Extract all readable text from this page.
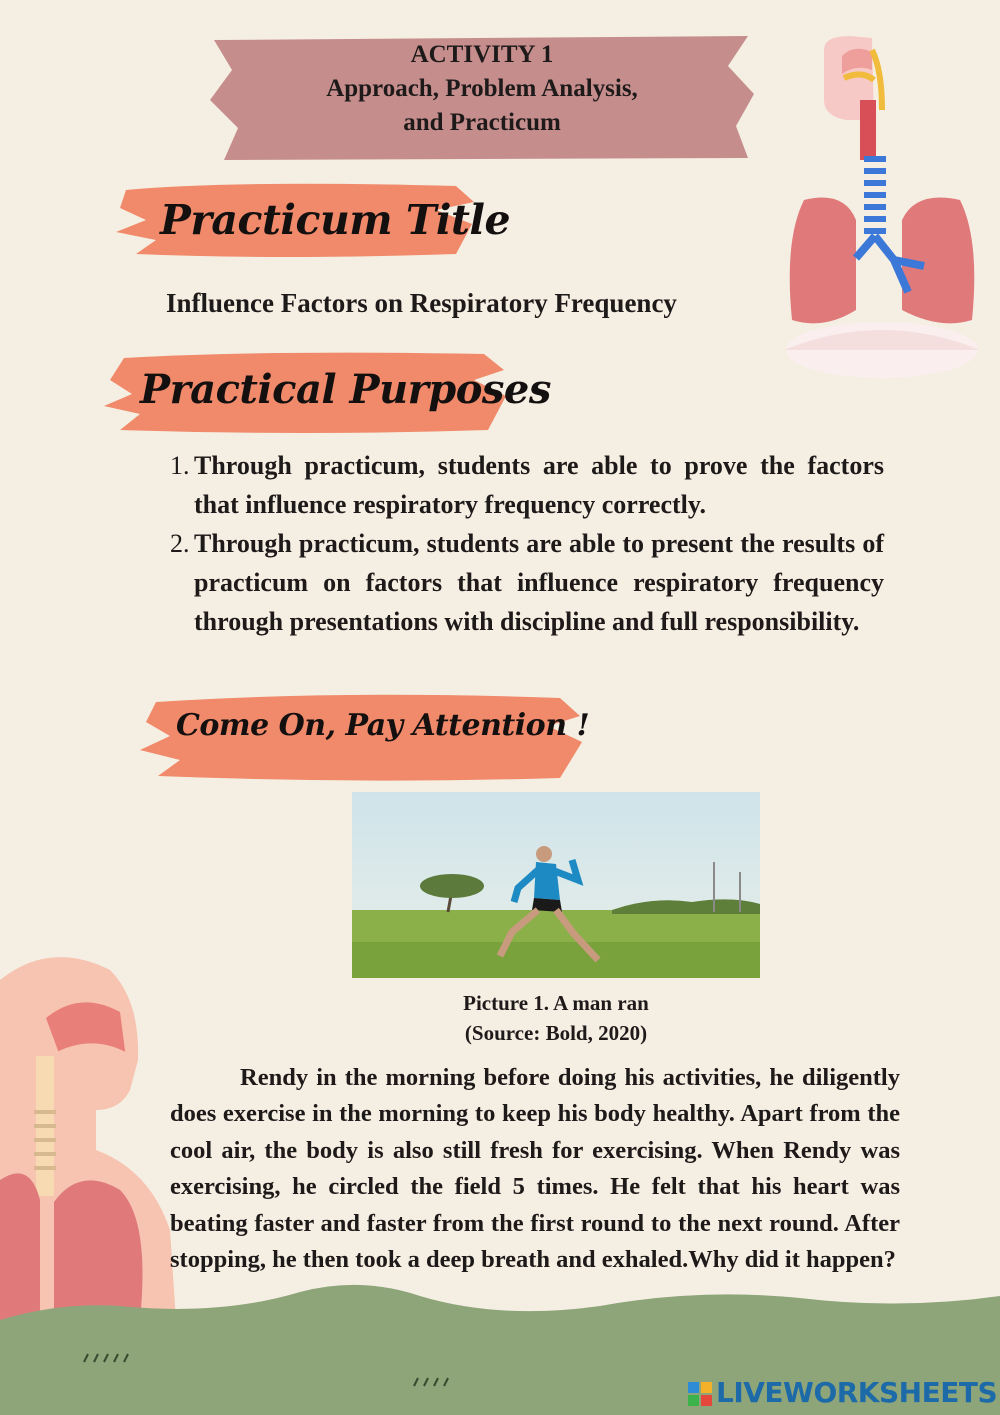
ACTIVITY 1
Approach, Problem Analysis,
and Practicum
Practicum Title
Influence Factors on Respiratory Frequency
Practical Purposes
1. Through practicum, students are able to prove the factors that influence respiratory frequency correctly.
2. Through practicum, students are able to present the results of practicum on factors that influence respiratory frequency through presentations with discipline and full responsibility.
Come On, Pay Attention !
Picture 1. A man ran
(Source: Bold, 2020)

Rendy in the morning before doing his activities, he diligently does exercise in the morning to keep his body healthy. Apart from the cool air, the body is also still fresh for exercising. When Rendy was exercising, he circled the field 5 times. He felt that his heart was beating faster and faster from the first round to the next round. After stopping, he then took a deep breath and exhaled.Why did it happen?

LIVEWORKSHEETS
